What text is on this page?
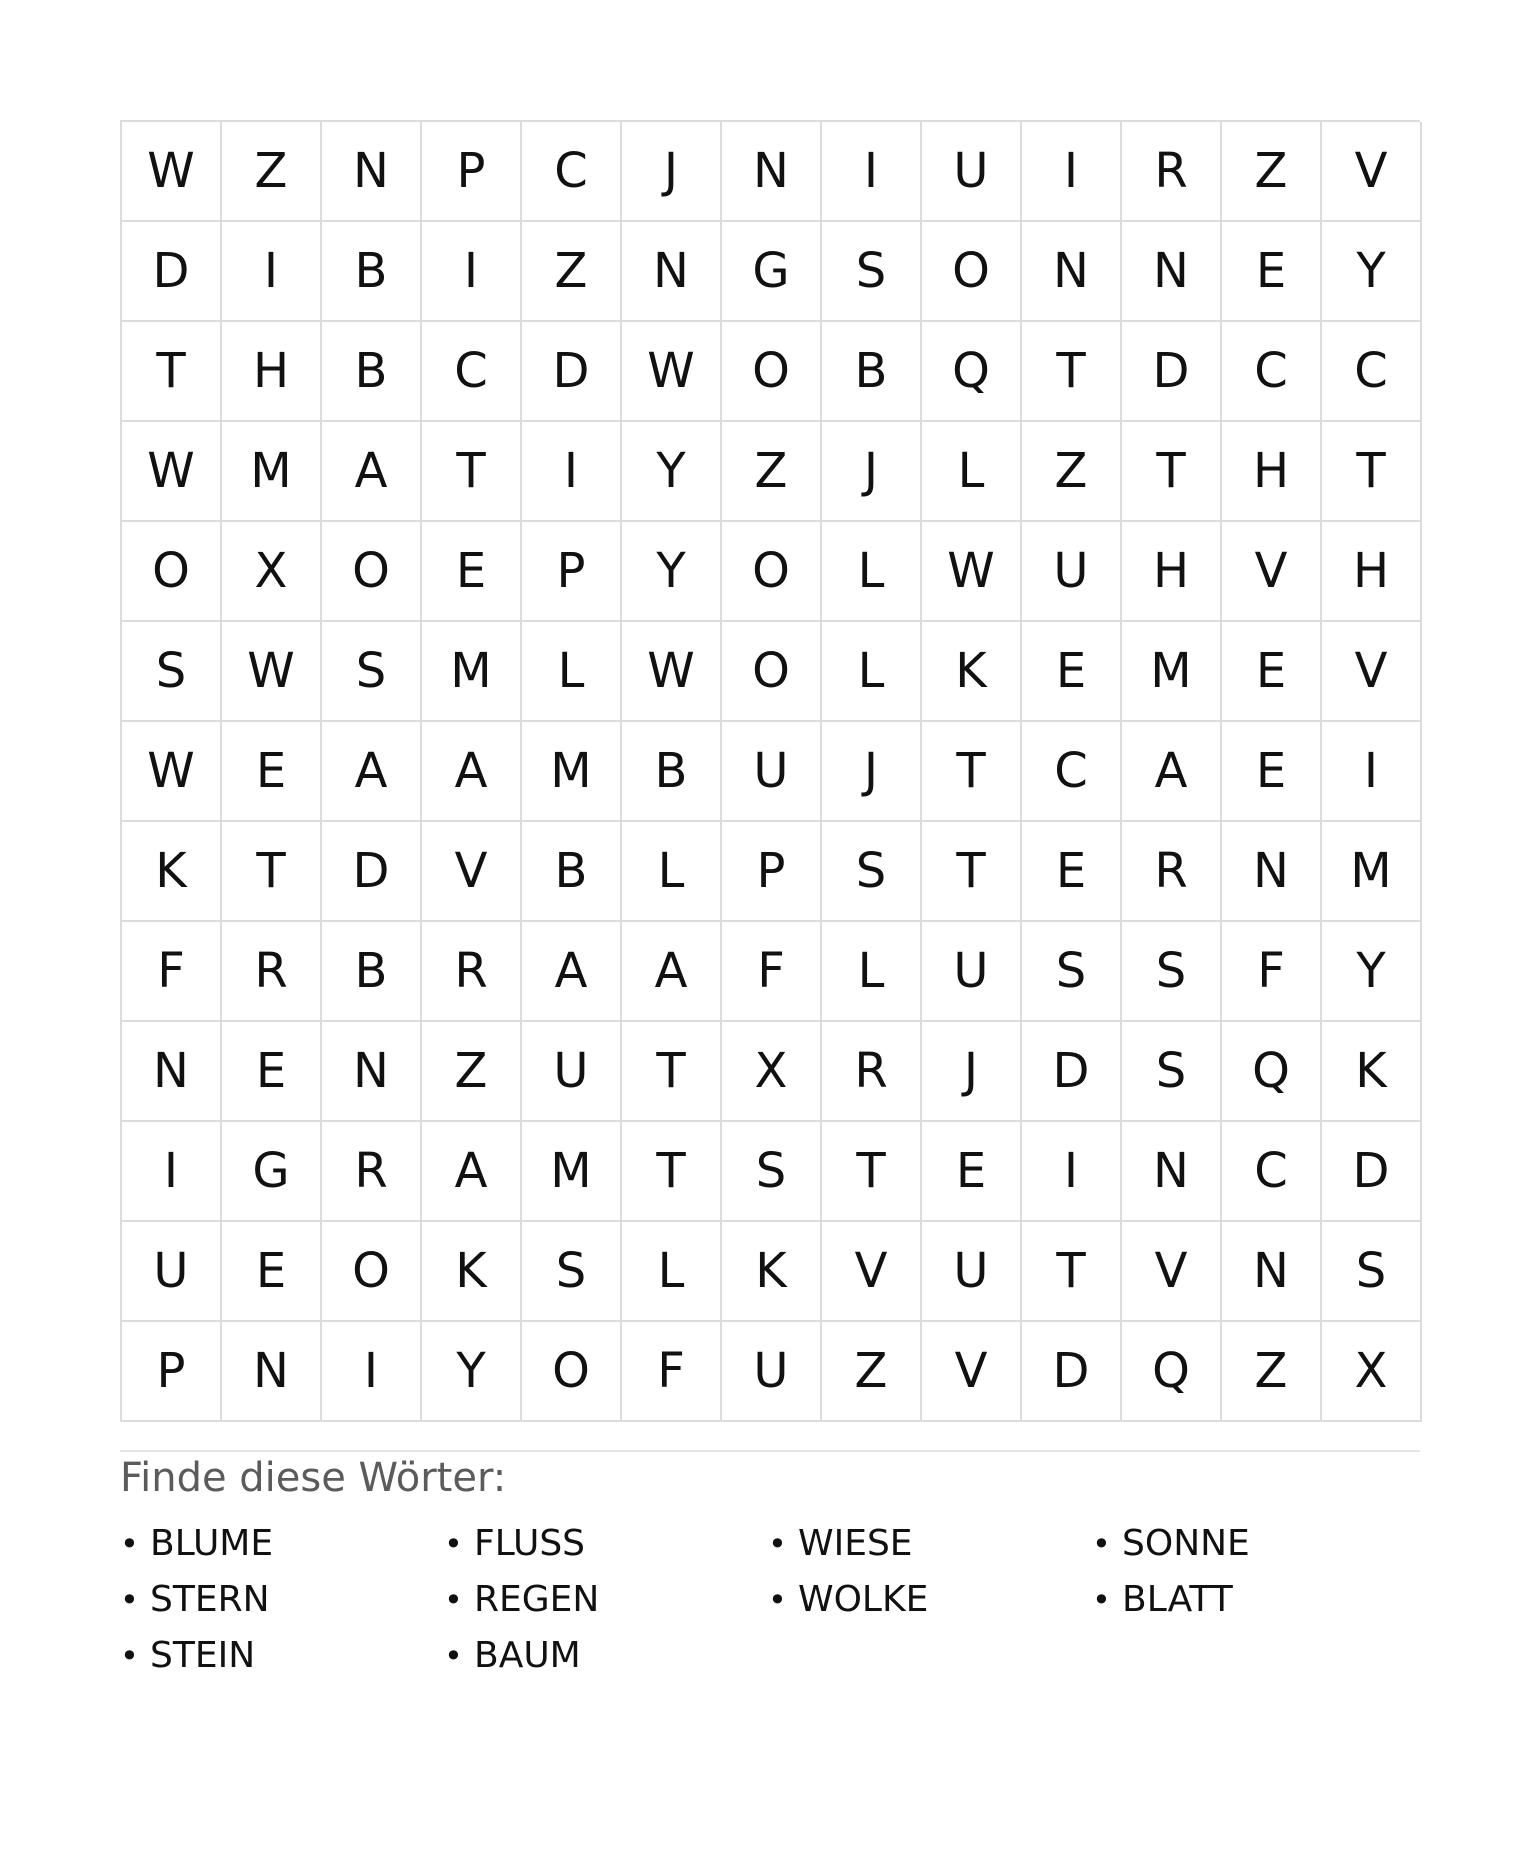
W	Z	N	P	C	J	N	I	U	I	R	Z	V
D	I	B	I	Z	N	G	S	O	N	N	E	Y
T	H	B	C	D	W	O	B	Q	T	D	C	C
W	M	A	T	I	Y	Z	J	L	Z	T	H	T
O	X	O	E	P	Y	O	L	W	U	H	V	H
S	W	S	M	L	W	O	L	K	E	M	E	V
W	E	A	A	M	B	U	J	T	C	A	E	I
K	T	D	V	B	L	P	S	T	E	R	N	M
F	R	B	R	A	A	F	L	U	S	S	F	Y
N	E	N	Z	U	T	X	R	J	D	S	Q	K
I	G	R	A	M	T	S	T	E	I	N	C	D
U	E	O	K	S	L	K	V	U	T	V	N	S
P	N	I	Y	O	F	U	Z	V	D	Q	Z	X
Finde diese Wörter:
• BLUME	• FLUSS	• WIESE	• SONNE
• STERN	• REGEN	• WOLKE	• BLATT
• STEIN	• BAUM
